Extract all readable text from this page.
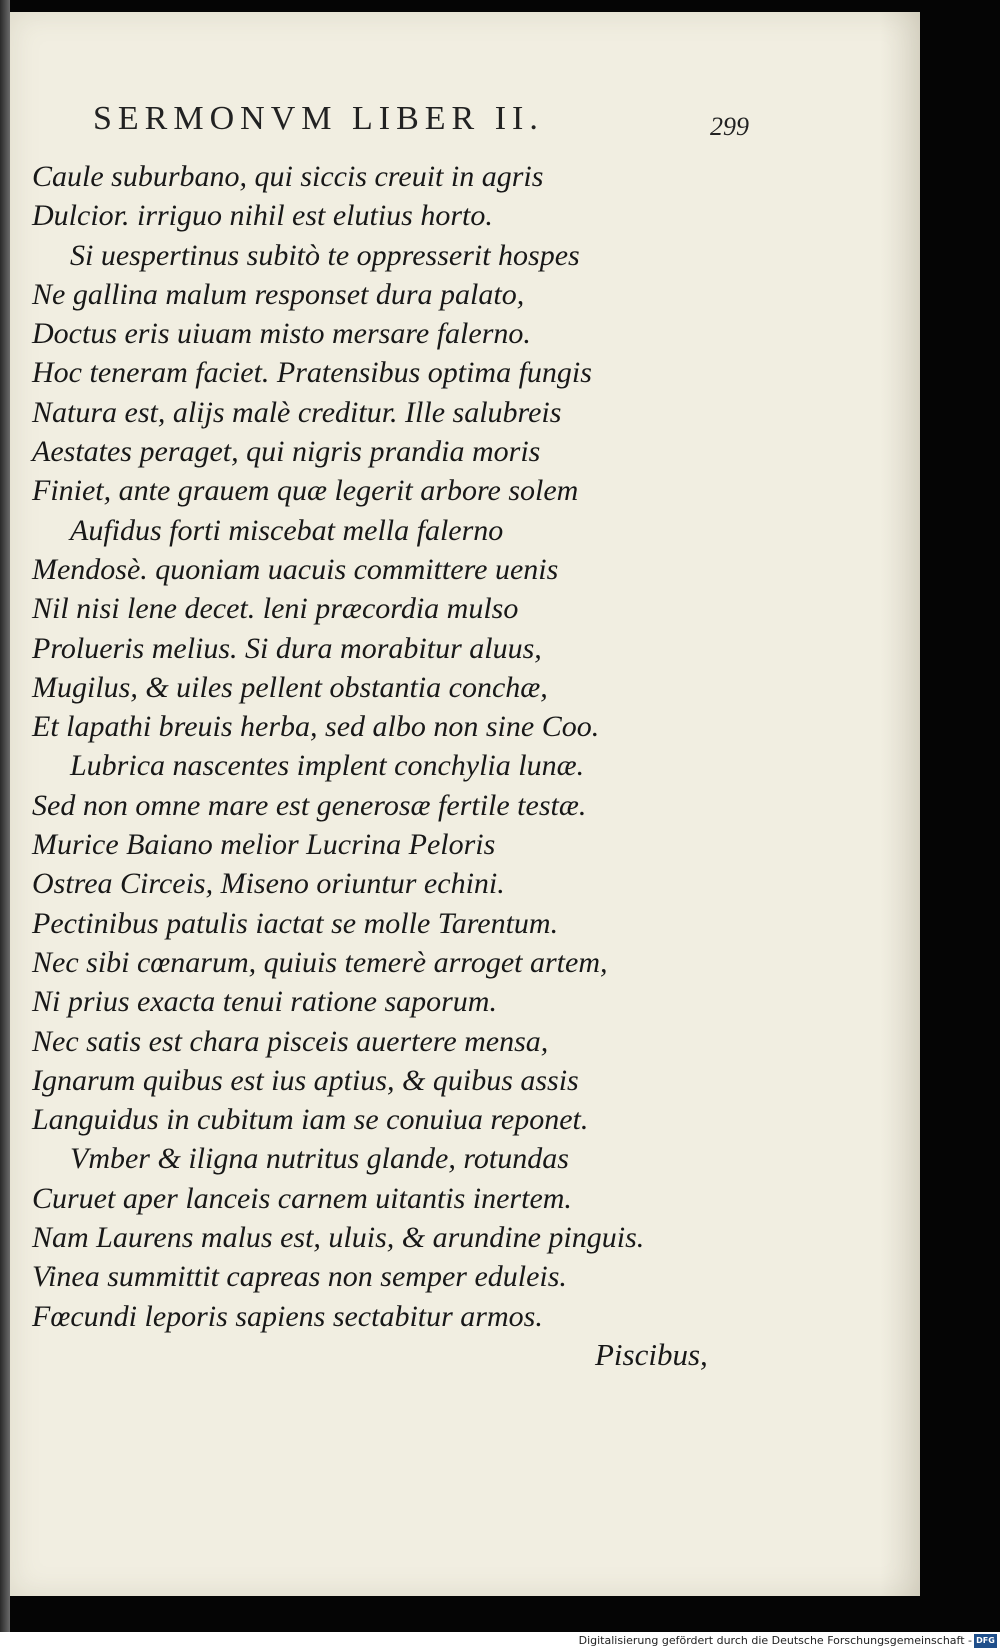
SERMONVM LIBER II.	299
Caule suburbano, qui siccis creuit in agris
Dulcior. irriguo nihil est elutius horto.
Si uespertinus subitò te oppresserit hospes
Ne gallina malum responset dura palato,
Doctus eris uiuam misto mersare falerno.
Hoc teneram faciet. Pratensibus optima fungis
Natura est, alijs malè creditur. Ille salubreis
Aestates peraget, qui nigris prandia moris
Finiet, ante grauem quæ legerit arbore solem
Aufidus forti miscebat mella falerno
Mendosè. quoniam uacuis committere uenis
Nil nisi lene decet. leni præcordia mulso
Prolueris melius. Si dura morabitur aluus,
Mugilus, & uiles pellent obstantia conchæ,
Et lapathi breuis herba, sed albo non sine Coo.
Lubrica nascentes implent conchylia lunæ.
Sed non omne mare est generosæ fertile testæ.
Murice Baiano melior Lucrina Peloris
Ostrea Circeis, Miseno oriuntur echini.
Pectinibus patulis iactat se molle Tarentum.
Nec sibi cœnarum, quiuis temerè arroget artem,
Ni prius exacta tenui ratione saporum.
Nec satis est chara pisceis auertere mensa,
Ignarum quibus est ius aptius, & quibus assis
Languidus in cubitum iam se conuiua reponet.
Vmber & iligna nutritus glande, rotundas
Curuet aper lanceis carnem uitantis inertem.
Nam Laurens malus est, uluis, & arundine pinguis.
Vinea summittit capreas non semper eduleis.
Fœcundi leporis sapiens sectabitur armos.
Piscibus,
Digitalisierung gefördert durch die Deutsche Forschungsgemeinschaft - DFG
